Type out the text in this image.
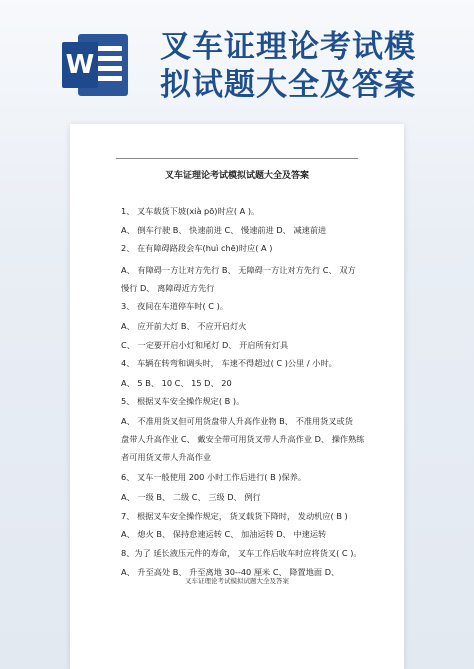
W 叉车证理论考试模
拟试题大全及答案
叉车证理论考试模拟试题大全及答案
1、 叉车载货下坡(xià pō)时应( A )。
A、 倒车行驶 B、 快速前进 C、 慢速前进 D、 减速前进
2、 在有障碍路段会车(huì chē)时应( A )
A、 有障碍一方让对方先行 B、 无障碍一方让对方先行 C、 双方
慢行 D、 离障碍近方先行
3、 夜间在车道停车时( C )。
A、 应开前大灯 B、 不应开启灯火
C、 一定要开启小灯和尾灯 D、 开启所有灯具
4、 车辆在转弯和调头时， 车速不得超过( C )公里 / 小时。
A、 5 B、 10 C、 15 D、 20
5、 根据叉车安全操作规定( B )。
A、 不准用货叉但可用货盘带人升高作业物 B、 不准用货叉或货
盘带人升高作业 C、 戴安全带可用货叉带人升高作业 D、 操作熟练
者可用货叉带人升高作业
6、 叉车一般使用 200 小时工作后进行( B )保养。
A、 一级 B、 二级 C、 三级 D、 例行
7、 根据叉车安全操作规定， 货叉载货下降时， 发动机应( B )
A、 熄火 B、 保持怠速运转 C、 加油运转 D、 中速运转
8、为了 延长液压元件的寿命， 叉车工作后收车时应将货叉( C )。
A、 升至高处 B、 升至离地 30--40 厘米 C、 降置地面 D、
叉车证理论考试模拟试题大全及答案
